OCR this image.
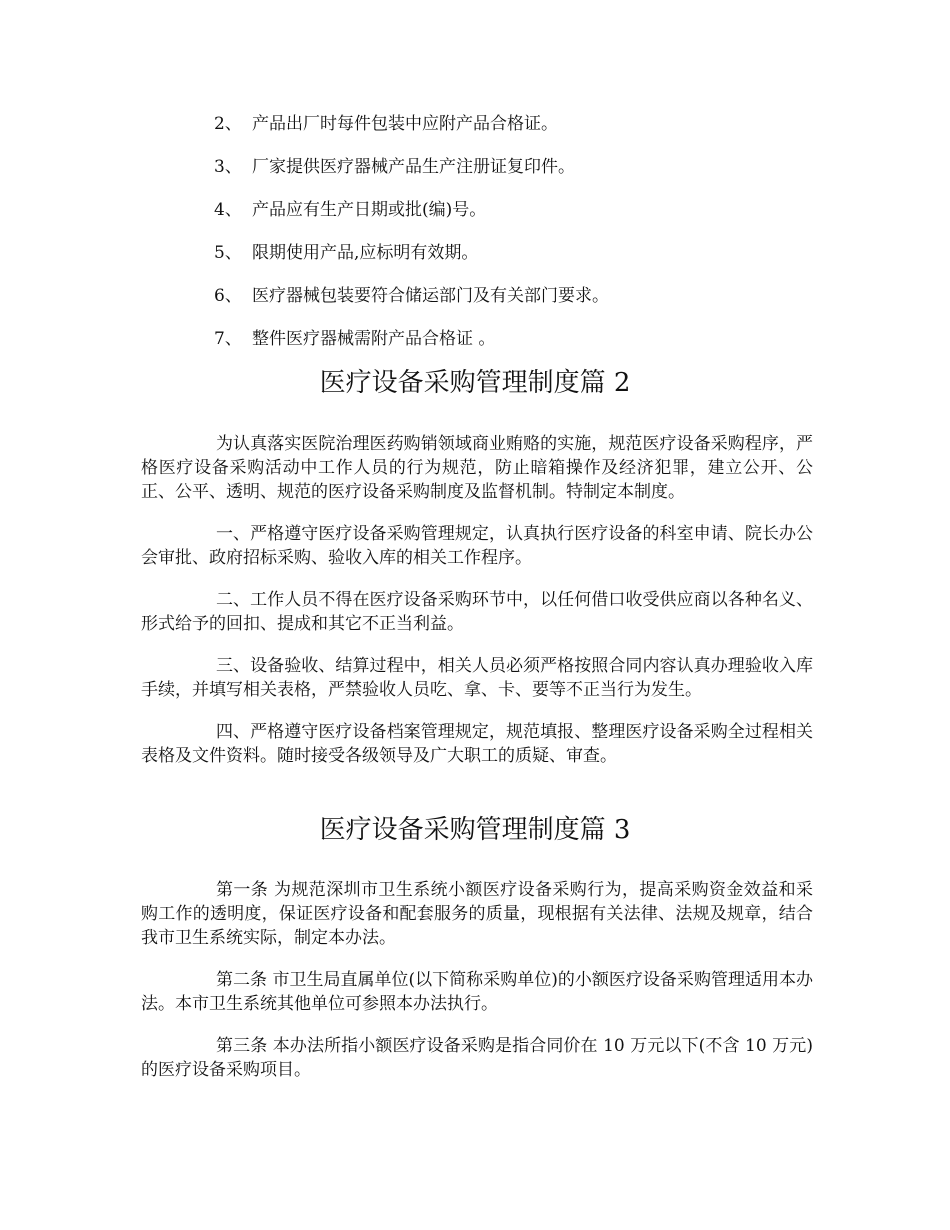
2、 产品出厂时每件包装中应附产品合格证。
3、 厂家提供医疗器械产品生产注册证复印件。
4、 产品应有生产日期或批(编)号。
5、 限期使用产品,应标明有效期。
6、 医疗器械包装要符合储运部门及有关部门要求。
7、 整件医疗器械需附产品合格证 。
医疗设备采购管理制度篇 2

为认真落实医院治理医药购销领域商业贿赂的实施，规范医疗设备采购程序，严格医疗设备采购活动中工作人员的行为规范，防止暗箱操作及经济犯罪，建立公开、公正、公平、透明、规范的医疗设备采购制度及监督机制。特制定本制度。

一、严格遵守医疗设备采购管理规定，认真执行医疗设备的科室申请、院长办公会审批、政府招标采购、验收入库的相关工作程序。

二、工作人员不得在医疗设备采购环节中，以任何借口收受供应商以各种名义、形式给予的回扣、提成和其它不正当利益。

三、设备验收、结算过程中，相关人员必须严格按照合同内容认真办理验收入库手续，并填写相关表格，严禁验收人员吃、拿、卡、要等不正当行为发生。

四、严格遵守医疗设备档案管理规定，规范填报、整理医疗设备采购全过程相关表格及文件资料。随时接受各级领导及广大职工的质疑、审查。

医疗设备采购管理制度篇 3

第一条 为规范深圳市卫生系统小额医疗设备采购行为，提高采购资金效益和采购工作的透明度，保证医疗设备和配套服务的质量，现根据有关法律、法规及规章，结合我市卫生系统实际，制定本办法。

第二条 市卫生局直属单位(以下简称采购单位)的小额医疗设备采购管理适用本办法。本市卫生系统其他单位可参照本办法执行。

第三条 本办法所指小额医疗设备采购是指合同价在 10 万元以下(不含 10 万元)的医疗设备采购项目。
